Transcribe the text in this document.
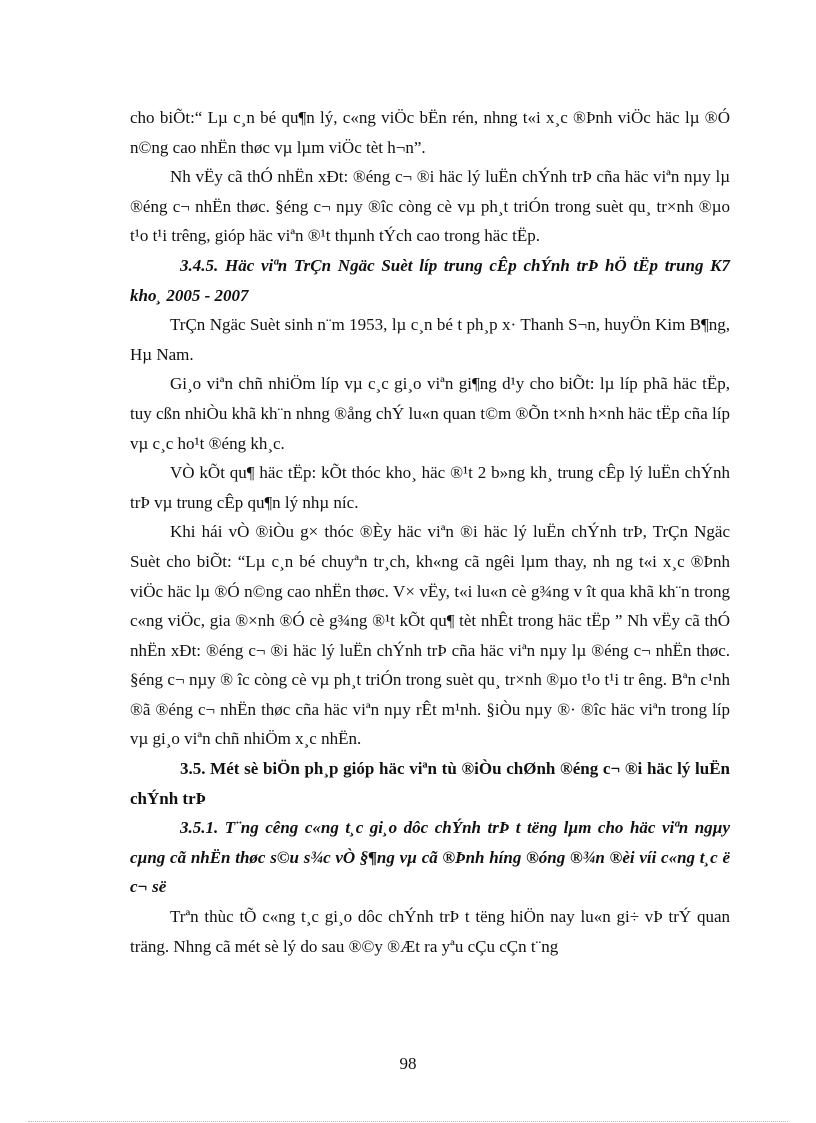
cho biÕt:“ Lµ c¸n bé qu¶n lý, c«ng viÖc bËn rén, nhng t«i x¸c ®Þnh viÖc häc lµ ®Ó n©ng cao nhËn thøc vµ lµm viÖc tèt h¬n”.

Nh vËy cã thÓ nhËn xÐt: ®éng c¬ ®i häc lý luËn chÝnh trÞ cña häc viªn nµy lµ ®éng c¬ nhËn thøc. §éng c¬ nµy ®îc còng cè vµ ph¸t triÓn trong suèt qu¸ tr×nh ®µo t¹o t¹i trêng, gióp häc viªn ®¹t thµnh tÝch cao trong häc tËp.

3.4.5. Häc viªn TrÇn Ngäc Suèt líp trung cÊp chÝnh trÞ hÖ tËp trung K7 kho¸ 2005 - 2007

TrÇn Ngäc Suèt sinh n¨m 1953, lµ c¸n bé t ph¸p x· Thanh S¬n, huyÖn Kim B¶ng, Hµ Nam.

Gi¸o viªn chñ nhiÖm líp vµ c¸c gi¸o viªn gi¶ng d¹y cho biÕt: lµ líp phã häc tËp, tuy cßn nhiÒu khã kh¨n nhng ®ång chÝ lu«n quan t©m ®Õn t×nh h×nh häc tËp cña líp vµ c¸c ho¹t ®éng kh¸c.

VÒ kÕt qu¶ häc tËp: kÕt thóc kho¸ häc ®¹t 2 b»ng kh¸ trung cÊp lý luËn chÝnh trÞ vµ trung cÊp qu¶n lý nhµ níc.

Khi hái vÒ ®iÒu g× thóc ®Èy häc viªn ®i häc lý luËn chÝnh trÞ, TrÇn Ngäc Suèt cho biÕt: “Lµ c¸n bé chuyªn tr¸ch, kh«ng cã ngêi lµm thay, nh ng t«i x¸c ®Þnh viÖc häc lµ ®Ó n©ng cao nhËn thøc. V× vËy, t«i lu«n cè g¾ng v ît qua khã kh¨n trong c«ng viÖc, gia ®×nh ®Ó cè g¾ng ®¹t kÕt qu¶ tèt nhÊt trong häc tËp ” Nh vËy cã thÓ nhËn xÐt: ®éng c¬ ®i häc lý luËn chÝnh trÞ cña häc viªn nµy lµ ®éng c¬ nhËn thøc. §éng c¬ nµy ® îc còng cè vµ ph¸t triÓn trong suèt qu¸ tr×nh ®µo t¹o t¹i tr êng. Bªn c¹nh ®ã ®éng c¬ nhËn thøc cña häc viªn nµy rÊt m¹nh. §iÒu nµy ®· ®îc häc viªn trong líp vµ gi¸o viªn chñ nhiÖm x¸c nhËn.

3.5. Mét sè biÖn ph¸p gióp häc viªn tù ®iÒu chØnh ®éng c¬ ®i häc lý luËn chÝnh trÞ

3.5.1. T¨ng cêng c«ng t¸c gi¸o dôc chÝnh trÞ t tëng lµm cho häc viªn ngµy cµng cã nhËn thøc s©u s¾c vÒ §¶ng vµ cã ®Þnh híng ®óng ®¾n ®èi víi c«ng t¸c ë c¬ së

Trªn thùc tÕ c«ng t¸c gi¸o dôc chÝnh trÞ t tëng hiÖn nay lu«n gi÷ vÞ trÝ quan träng. Nhng cã mét sè lý do sau ®©y ®Æt ra yªu cÇu cÇn t¨ng

98
